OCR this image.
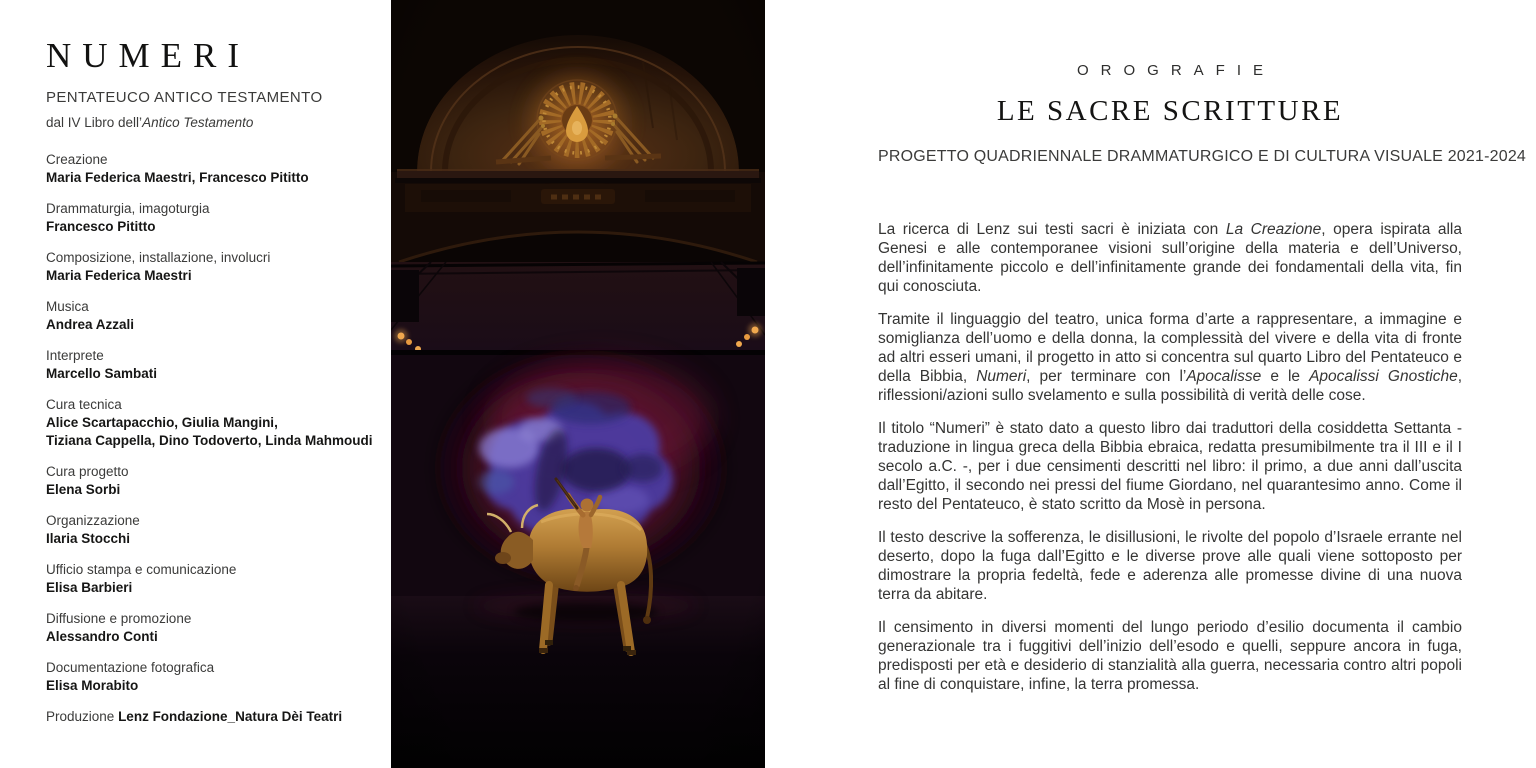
NUMERI
PENTATEUCO ANTICO TESTAMENTO
dal IV Libro dell’Antico Testamento
Creazione
Maria Federica Maestri, Francesco Pititto
Drammaturgia, imagoturgia
Francesco Pititto
Composizione, installazione, involucri
Maria Federica Maestri
Musica
Andrea Azzali
Interprete
Marcello Sambati
Cura tecnica
Alice Scartapacchio, Giulia Mangini,
Tiziana Cappella, Dino Todoverto, Linda Mahmoudi
Cura progetto
Elena Sorbi
Organizzazione
Ilaria Stocchi
Ufficio stampa e comunicazione
Elisa Barbieri
Diffusione e promozione
Alessandro Conti
Documentazione fotografica
Elisa Morabito
Produzione Lenz Fondazione_Natura Dèi Teatri
OROGRAFIE
LE SACRE SCRITTURE
PROGETTO QUADRIENNALE DRAMMATURGICO E DI CULTURA VISUALE 2021-2024

La ricerca di Lenz sui testi sacri è iniziata con La Creazione, opera ispirata alla Genesi e alle contemporanee visioni sull’origine della materia e dell’Universo, dell’infinitamente piccolo e dell’infinitamente grande dei fondamentali della vita, fin qui conosciuta.

Tramite il linguaggio del teatro, unica forma d’arte a rappresentare, a immagine e somiglianza dell’uomo e della donna, la complessità del vivere e della vita di fronte ad altri esseri umani, il progetto in atto si concentra sul quarto Libro del Pentateuco e della Bibbia, Numeri, per terminare con l’Apocalisse e le Apocalissi Gnostiche, riflessioni/azioni sullo svelamento e sulla possibilità di verità delle cose.

Il titolo “Numeri” è stato dato a questo libro dai traduttori della cosiddetta Settanta - traduzione in lingua greca della Bibbia ebraica, redatta presumibilmente tra il III e il I secolo a.C. -, per i due censimenti descritti nel libro: il primo, a due anni dall’uscita dall’Egitto, il secondo nei pressi del fiume Giordano, nel quarantesimo anno. Come il resto del Pentateuco, è stato scritto da Mosè in persona.

Il testo descrive la sofferenza, le disillusioni, le rivolte del popolo d’Israele errante nel deserto, dopo la fuga dall’Egitto e le diverse prove alle quali viene sottoposto per dimostrare la propria fedeltà, fede e aderenza alle promesse divine di una nuova terra da abitare.

Il censimento in diversi momenti del lungo periodo d’esilio documenta il cambio generazionale tra i fuggitivi dell’inizio dell’esodo e quelli, seppure ancora in fuga, predisposti per età e desiderio di stanzialità alla guerra, necessaria contro altri popoli al fine di conquistare, infine, la terra promessa.
